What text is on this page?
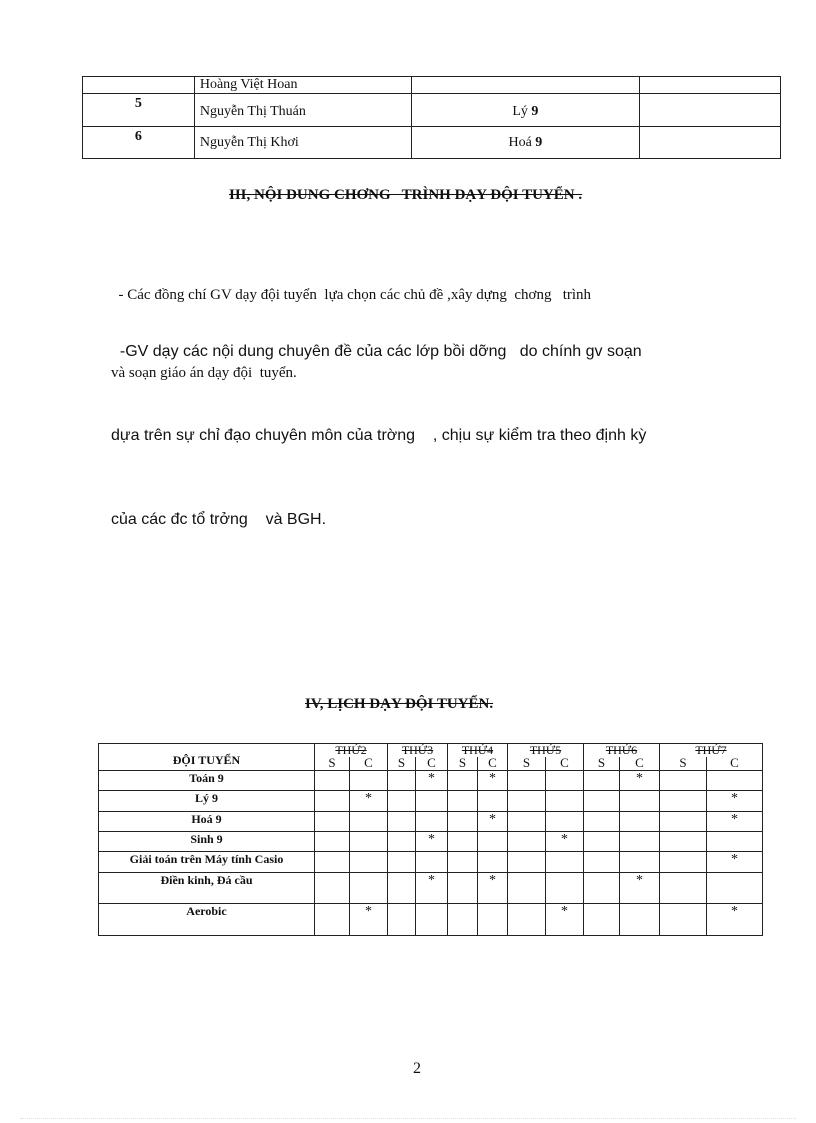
	Hoàng Việt Hoan		
5	Nguyễn Thị Thuán	Lý 9	
6	Nguyễn Thị Khơi	Hoá 9	
III, NỘI DUNG CHƠNG   TRÌNH DẠY ĐỘI TUYỂN .

- Các đồng chí GV dạy đội tuyển  lựa chọn các chủ đề ,xây dựng  chơng   trình

và soạn giáo án dạy đội  tuyển.

-GV dạy các nội dung chuyên đề của các lớp bồi dỡng   do chính gv soạn

dựa trên sự chỉ đạo chuyên môn của trờng    , chịu sự kiểm tra theo định kỳ

của các đc tổ trởng    và BGH.

IV, LỊCH DẠY ĐỘI TUYỂN.
ĐỘI TUYỂN	THỨ2		THỨ3		THỨ4		THỨ5		THỨ6		THỨ7	
	S	C	S	C	S	C	S	C	S	C	S	C
Toán 9				*		*				*		
Lý 9		*										*
Hoá 9						*						*
Sinh 9				*				*				
Giải toán trên Máy tính Casio												*
Điền kinh, Đá cầu				*		*				*		
Aerobic		*						*				*
2
